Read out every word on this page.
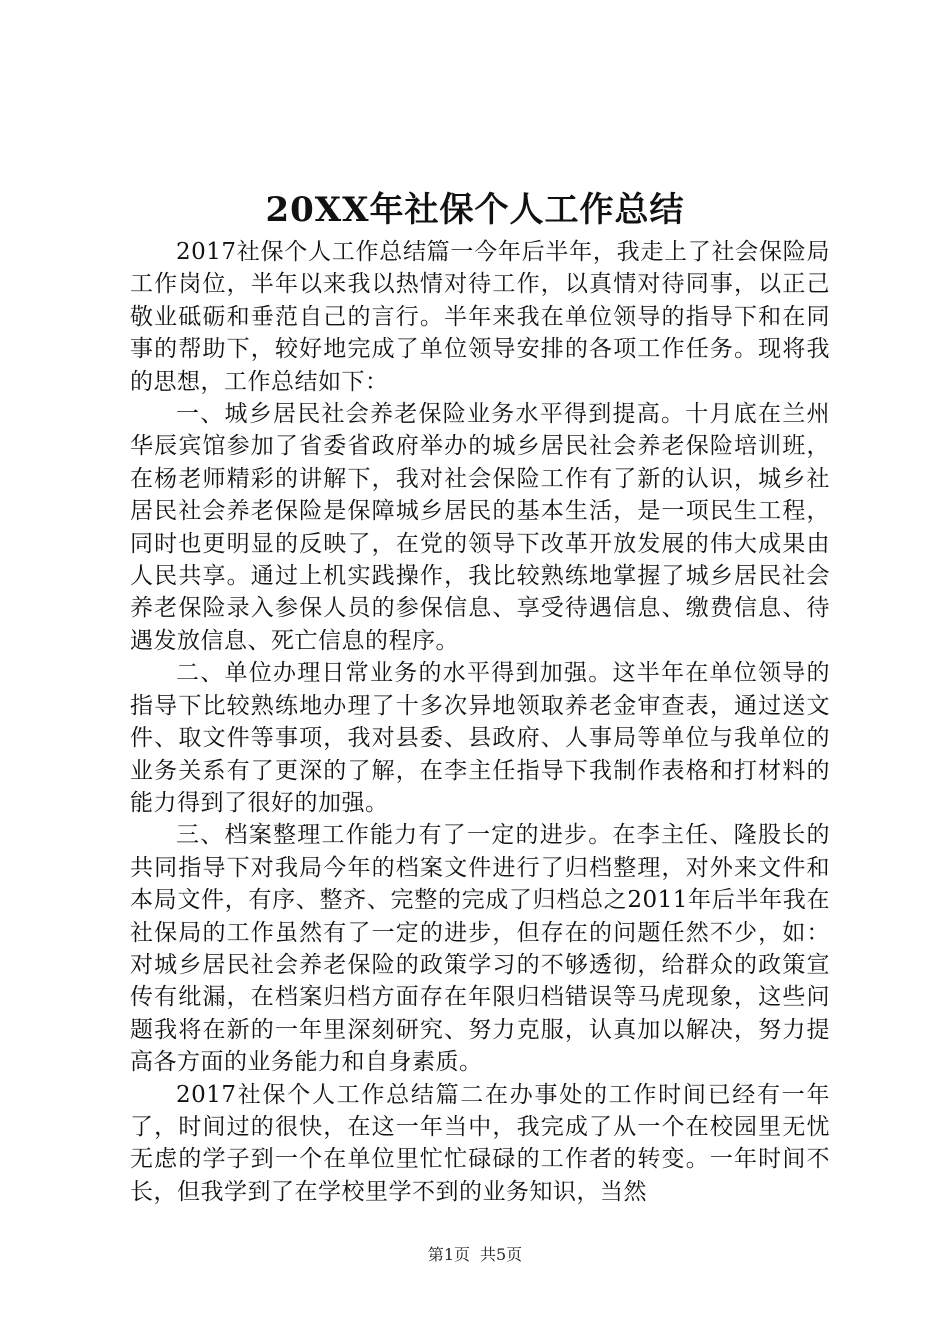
20XX年社保个人工作总结

2017社保个人工作总结篇一今年后半年，我走上了社会保险局工作岗位，半年以来我以热情对待工作，以真情对待同事，以正己敬业砥砺和垂范自己的言行。半年来我在单位领导的指导下和在同事的帮助下，较好地完成了单位领导安排的各项工作任务。现将我的思想，工作总结如下：

一、城乡居民社会养老保险业务水平得到提高。十月底在兰州华辰宾馆参加了省委省政府举办的城乡居民社会养老保险培训班，在杨老师精彩的讲解下，我对社会保险工作有了新的认识，城乡社居民社会养老保险是保障城乡居民的基本生活，是一项民生工程，同时也更明显的反映了，在党的领导下改革开放发展的伟大成果由人民共享。通过上机实践操作，我比较熟练地掌握了城乡居民社会养老保险录入参保人员的参保信息、享受待遇信息、缴费信息、待遇发放信息、死亡信息的程序。

二、单位办理日常业务的水平得到加强。这半年在单位领导的指导下比较熟练地办理了十多次异地领取养老金审查表，通过送文件、取文件等事项，我对县委、县政府、人事局等单位与我单位的业务关系有了更深的了解，在李主任指导下我制作表格和打材料的能力得到了很好的加强。

三、档案整理工作能力有了一定的进步。在李主任、隆股长的共同指导下对我局今年的档案文件进行了归档整理，对外来文件和本局文件，有序、整齐、完整的完成了归档总之2011年后半年我在社保局的工作虽然有了一定的进步，但存在的问题任然不少，如：对城乡居民社会养老保险的政策学习的不够透彻，给群众的政策宣传有纰漏，在档案归档方面存在年限归档错误等马虎现象，这些问题我将在新的一年里深刻研究、努力克服，认真加以解决，努力提高各方面的业务能力和自身素质。

2017社保个人工作总结篇二在办事处的工作时间已经有一年了，时间过的很快，在这一年当中，我完成了从一个在校园里无忧无虑的学子到一个在单位里忙忙碌碌的工作者的转变。一年时间不长，但我学到了在学校里学不到的业务知识，当然

第1页 共5页
